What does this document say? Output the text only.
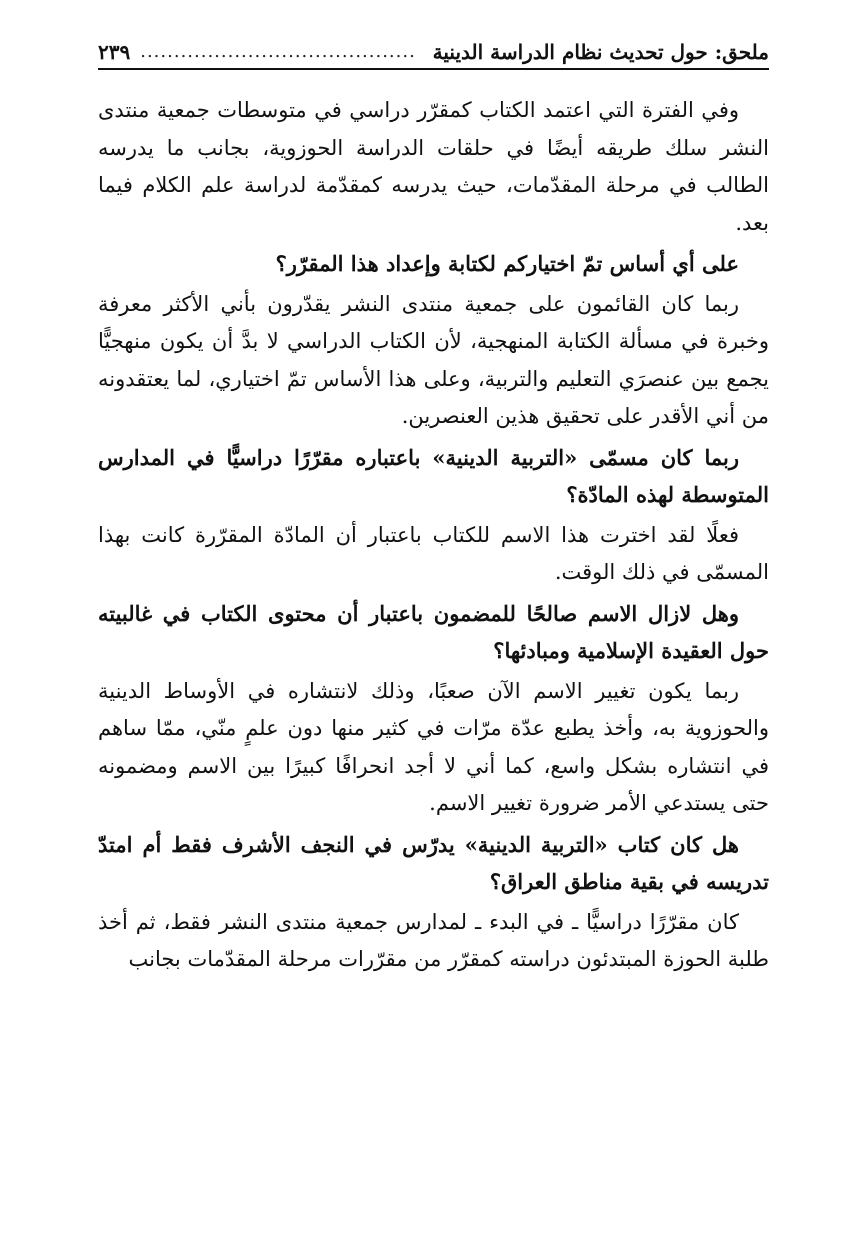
ملحق: حول تحديث نظام الدراسة الدينية
.........................................
٢٣٩

وفي الفترة التي اعتمد الكتاب كمقرّر دراسي في متوسطات جمعية منتدى النشر سلك طريقه أيضًا في حلقات الدراسة الحوزوية، بجانب ما يدرسه الطالب في مرحلة المقدّمات، حيث يدرسه كمقدّمة لدراسة علم الكلام فيما بعد.

على أي أساس تمّ اختياركم لكتابة وإعداد هذا المقرّر؟

ربما كان القائمون على جمعية منتدى النشر يقدّرون بأني الأكثر معرفة وخبرة في مسألة الكتابة المنهجية، لأن الكتاب الدراسي لا بدَّ أن يكون منهجيًّا يجمع بين عنصرَي التعليم والتربية، وعلى هذا الأساس تمّ اختياري، لما يعتقدونه من أني الأقدر على تحقيق هذين العنصرين.

ربما كان مسمّى «التربية الدينية» باعتباره مقرّرًا دراسيًّا في المدارس المتوسطة لهذه المادّة؟

فعلًا لقد اخترت هذا الاسم للكتاب باعتبار أن المادّة المقرّرة كانت بهذا المسمّى في ذلك الوقت.

وهل لازال الاسم صالحًا للمضمون باعتبار أن محتوى الكتاب في غالبيته حول العقيدة الإسلامية ومبادئها؟

ربما يكون تغيير الاسم الآن صعبًا، وذلك لانتشاره في الأوساط الدينية والحوزوية به، وأخذ يطبع عدّة مرّات في كثير منها دون علمٍ منّي، ممّا ساهم في انتشاره بشكل واسع، كما أني لا أجد انحرافًا كبيرًا بين الاسم ومضمونه حتى يستدعي الأمر ضرورة تغيير الاسم.

هل كان كتاب «التربية الدينية» يدرّس في النجف الأشرف فقط أم امتدّ تدريسه في بقية مناطق العراق؟

كان مقرّرًا دراسيًّا ـ في البدء ـ لمدارس جمعية منتدى النشر فقط، ثم أخذ طلبة الحوزة المبتدئون دراسته كمقرّر من مقرّرات مرحلة المقدّمات بجانب
